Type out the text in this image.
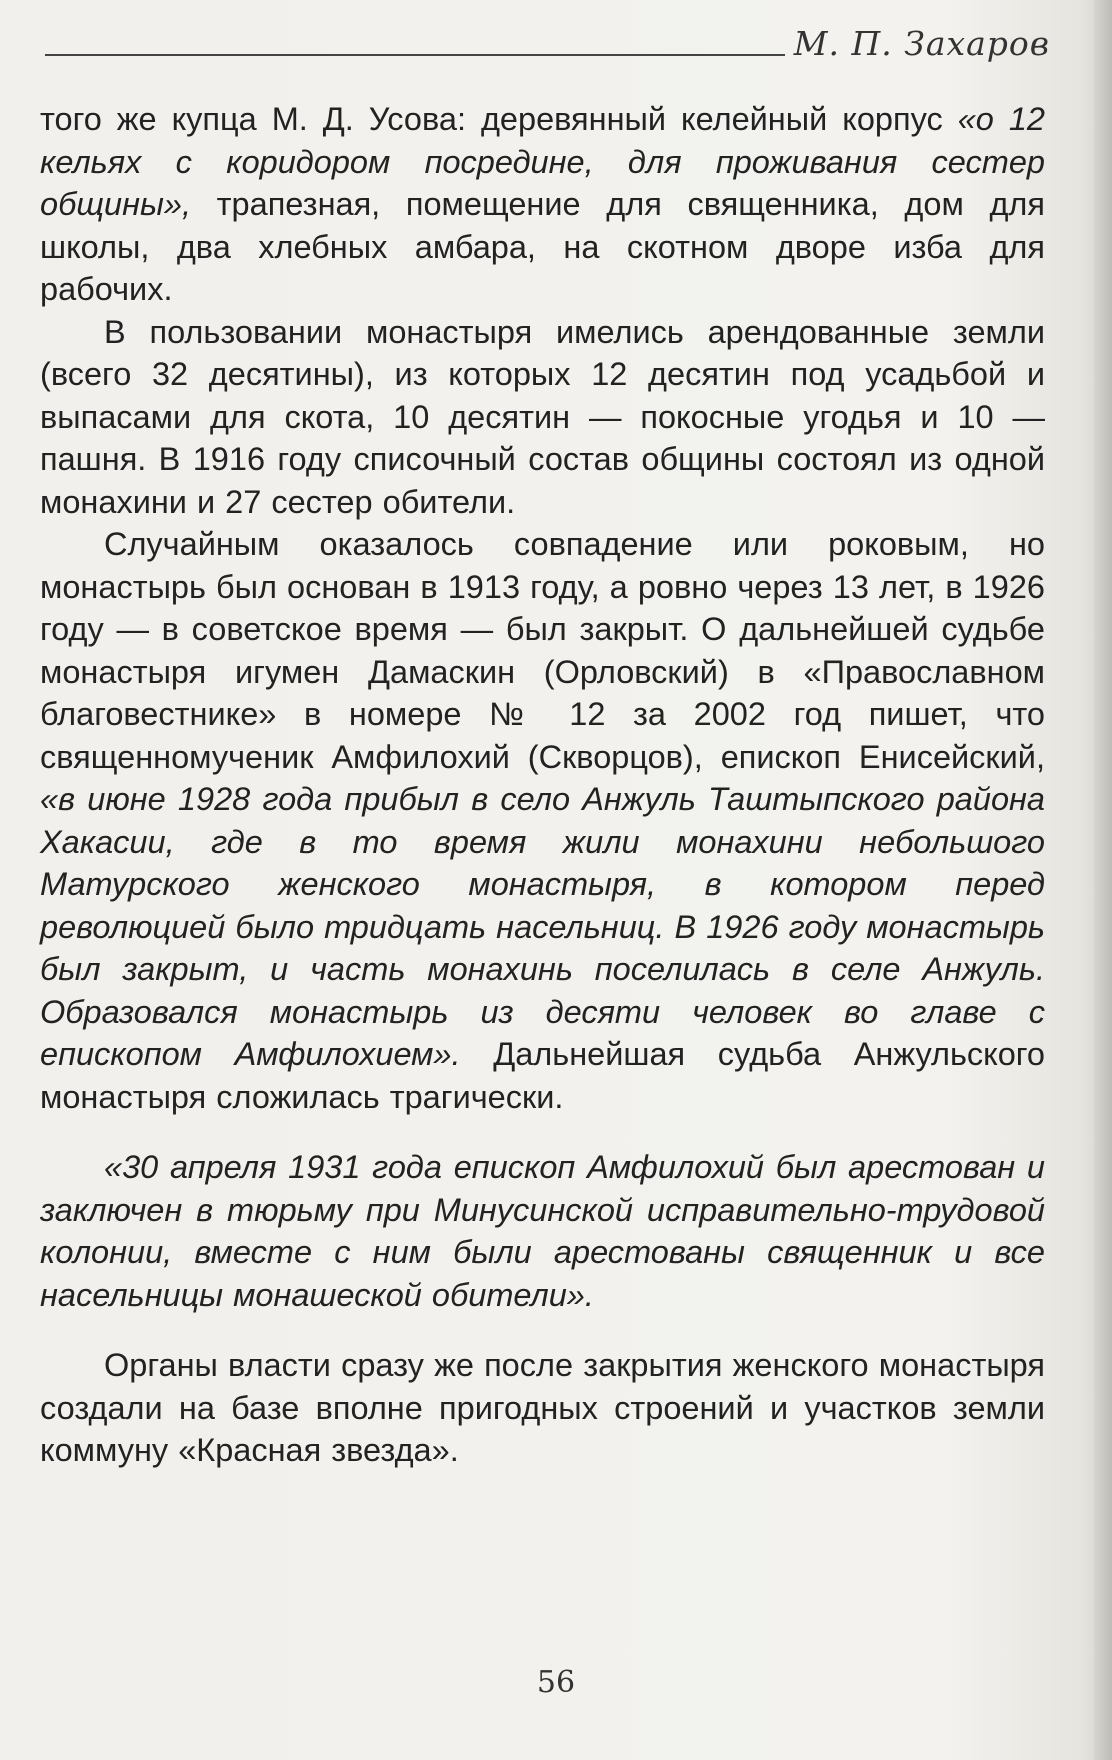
М. П. Захаров

того же купца М. Д. Усова: деревянный келейный корпус «о 12 кельях с коридором посредине, для проживания сестер общины», трапезная, помещение для священника, дом для школы, два хлебных амбара, на скотном дворе изба для рабочих.

В пользовании монастыря имелись арендованные земли (всего 32 десятины), из которых 12 десятин под усадьбой и выпасами для скота, 10 десятин — покосные угодья и 10 — пашня. В 1916 году списочный состав общины состоял из одной монахини и 27 сестер обители.

Случайным оказалось совпадение или роковым, но монастырь был основан в 1913 году, а ровно через 13 лет, в 1926 году — в советское время — был закрыт. О дальнейшей судьбе монастыря игумен Дамаскин (Орловский) в «Православном благовестнике» в номере № 12 за 2002 год пишет, что священномученик Амфилохий (Скворцов), епископ Енисейский, «в июне 1928 года прибыл в село Анжуль Таштыпского района Хакасии, где в то время жили монахини небольшого Матурского женского монастыря, в котором перед революцией было тридцать насельниц. В 1926 году монастырь был закрыт, и часть монахинь поселилась в селе Анжуль. Образовался монастырь из десяти человек во главе с епископом Амфилохием». Дальнейшая судьба Анжульского монастыря сложилась трагически.

«30 апреля 1931 года епископ Амфилохий был арестован и заключен в тюрьму при Минусинской исправительно-трудовой колонии, вместе с ним были арестованы священник и все насельницы монашеской обители».

Органы власти сразу же после закрытия женского монастыря создали на базе вполне пригодных строений и участков земли коммуну «Красная звезда».

56
